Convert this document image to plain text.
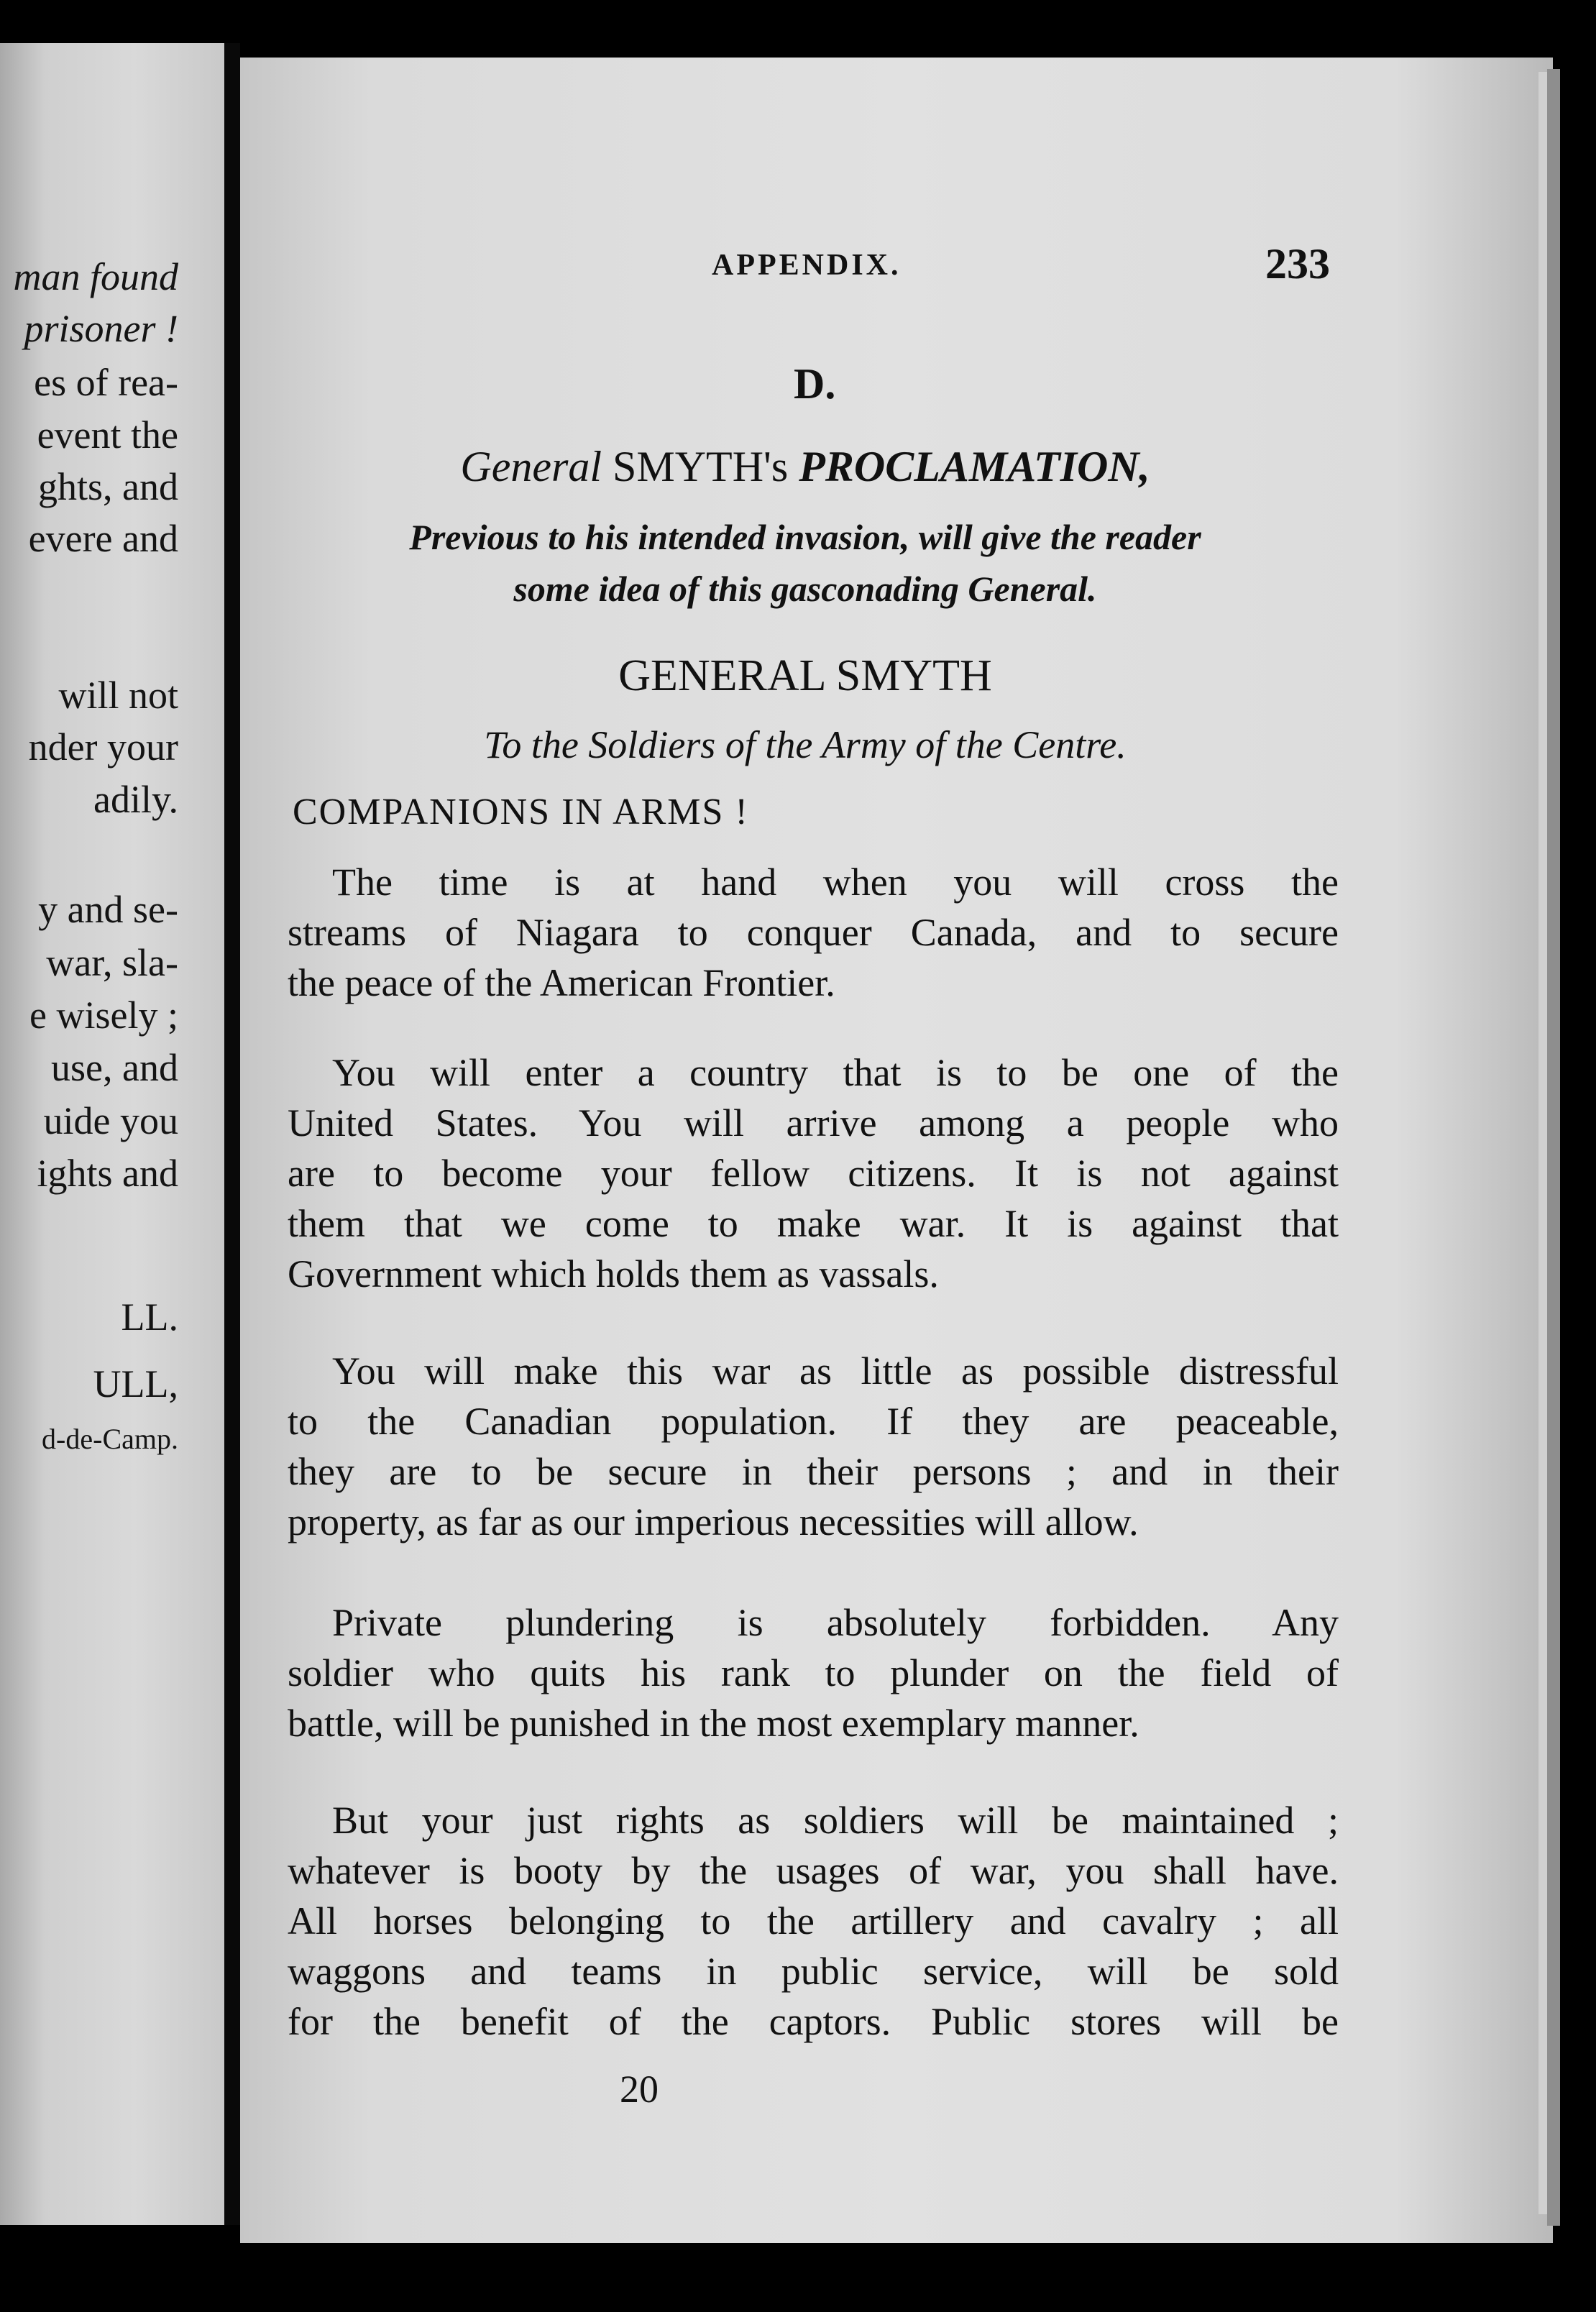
man found
prisoner !
es of rea-
event the
ghts, and
evere and
will not
nder your
adily.
y and se-
war, sla-
e wisely ;
use, and
uide you
ights and
LL.
ULL,
d-de-Camp.
APPENDIX.	233
D.
General SMYTH's PROCLAMATION,
Previous to his intended invasion, will give the reader
some idea of this gasconading General.
GENERAL SMYTH
To the Soldiers of the Army of the Centre.
COMPANIONS IN ARMS !
The time is at hand when you will cross the
streams of Niagara to conquer Canada, and to secure
the peace of the American Frontier.
You will enter a country that is to be one of the
United States. You will arrive among a people who
are to become your fellow citizens. It is not against
them that we come to make war. It is against that
Government which holds them as vassals.
You will make this war as little as possible distressful
to the Canadian population. If they are peaceable,
they are to be secure in their persons ; and in their
property, as far as our imperious necessities will allow.
Private plundering is absolutely forbidden. Any
soldier who quits his rank to plunder on the field of
battle, will be punished in the most exemplary manner.
But your just rights as soldiers will be maintained ;
whatever is booty by the usages of war, you shall have.
All horses belonging to the artillery and cavalry ; all
waggons and teams in public service, will be sold
for the benefit of the captors. Public stores will be
20
